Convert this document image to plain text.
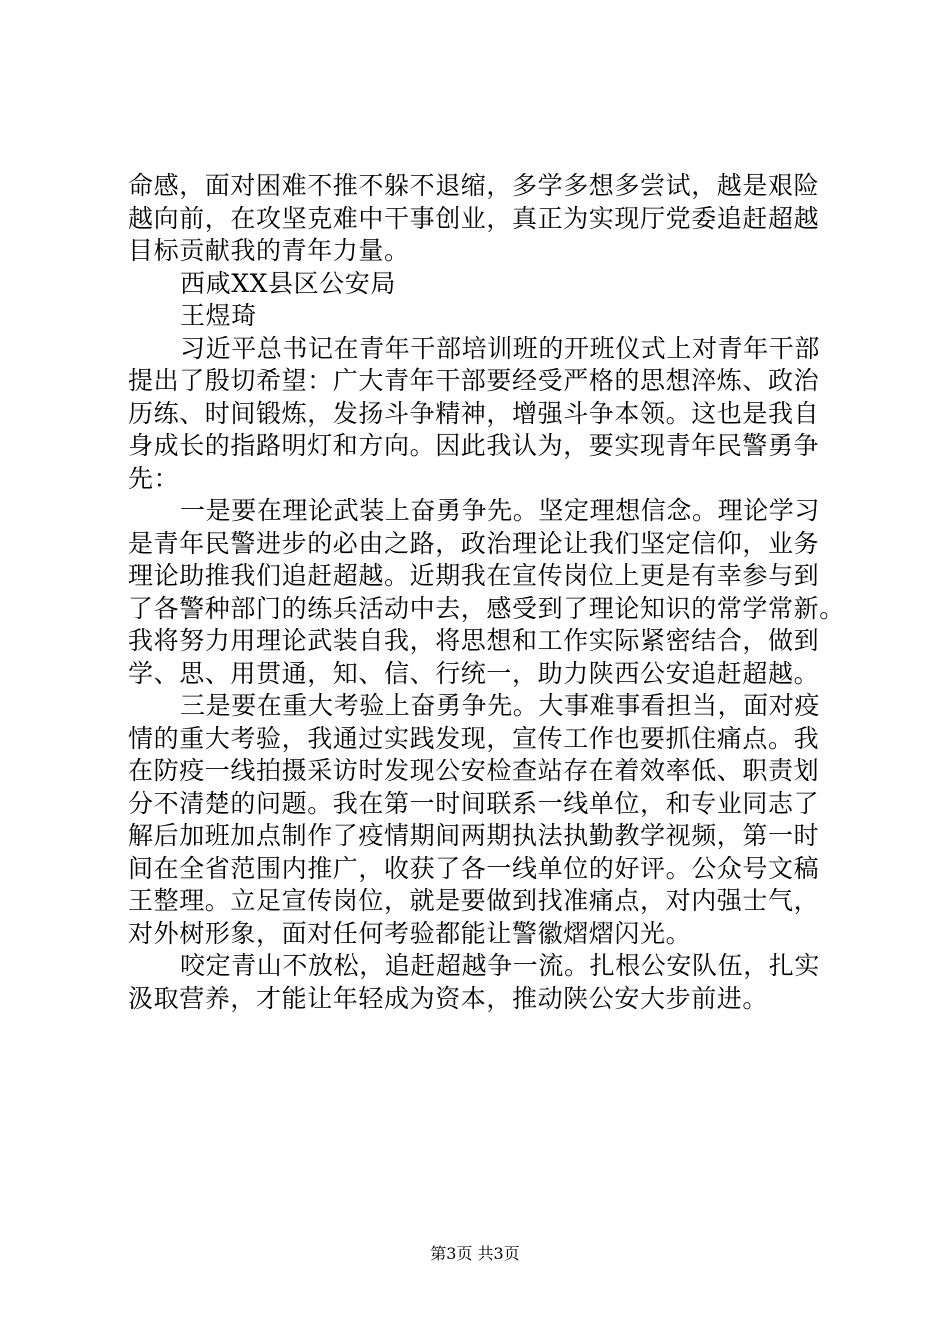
命感，面对困难不推不躲不退缩，多学多想多尝试，越是艰险
越向前，在攻坚克难中干事创业，真正为实现厅党委追赶超越
目标贡献我的青年力量。
西咸XX县区公安局
王煜琦
习近平总书记在青年干部培训班的开班仪式上对青年干部
提出了殷切希望：广大青年干部要经受严格的思想淬炼、政治
历练、时间锻炼，发扬斗争精神，增强斗争本领。这也是我自
身成长的指路明灯和方向。因此我认为，要实现青年民警勇争
先：
一是要在理论武装上奋勇争先。坚定理想信念。理论学习
是青年民警进步的必由之路，政治理论让我们坚定信仰，业务
理论助推我们追赶超越。近期我在宣传岗位上更是有幸参与到
了各警种部门的练兵活动中去，感受到了理论知识的常学常新。
我将努力用理论武装自我，将思想和工作实际紧密结合，做到
学、思、用贯通，知、信、行统一，助力陕西公安追赶超越。
三是要在重大考验上奋勇争先。大事难事看担当，面对疫
情的重大考验，我通过实践发现，宣传工作也要抓住痛点。我
在防疫一线拍摄采访时发现公安检查站存在着效率低、职责划
分不清楚的问题。我在第一时间联系一线单位，和专业同志了
解后加班加点制作了疫情期间两期执法执勤教学视频，第一时
间在全省范围内推广，收获了各一线单位的好评。公众号文稿
王整理。立足宣传岗位，就是要做到找准痛点，对内强士气，
对外树形象，面对任何考验都能让警徽熠熠闪光。
咬定青山不放松，追赶超越争一流。扎根公安队伍，扎实
汲取营养，才能让年轻成为资本，推动陕公安大步前进。
第3页 共3页
